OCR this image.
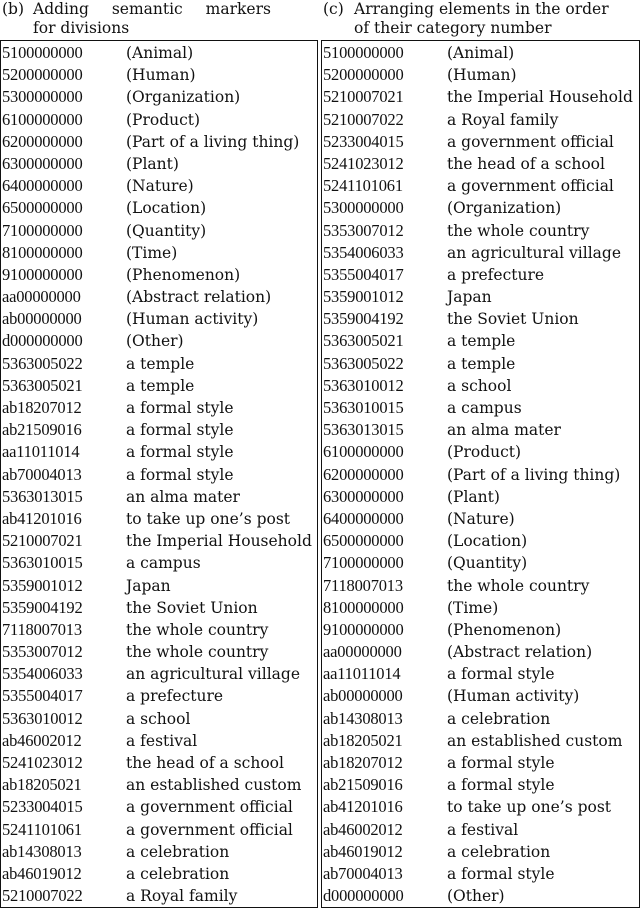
(b) Adding semantic markers
for divisions
5100000000	(Animal)
5200000000	(Human)
5300000000	(Organization)
6100000000	(Product)
6200000000	(Part of a living thing)
6300000000	(Plant)
6400000000	(Nature)
6500000000	(Location)
7100000000	(Quantity)
8100000000	(Time)
9100000000	(Phenomenon)
aa00000000	(Abstract relation)
ab00000000	(Human activity)
d000000000	(Other)
5363005022	a temple
5363005021	a temple
ab18207012	a formal style
ab21509016	a formal style
aa11011014	a formal style
ab70004013	a formal style
5363013015	an alma mater
ab41201016	to take up one’s post
5210007021	the Imperial Household
5363010015	a campus
5359001012	Japan
5359004192	the Soviet Union
7118007013	the whole country
5353007012	the whole country
5354006033	an agricultural village
5355004017	a prefecture
5363010012	a school
ab46002012	a festival
5241023012	the head of a school
ab18205021	an established custom
5233004015	a government official
5241101061	a government official
ab14308013	a celebration
ab46019012	a celebration
5210007022	a Royal family
(c) Arranging elements in the order
of their category number
5100000000	(Animal)
5200000000	(Human)
5210007021	the Imperial Household
5210007022	a Royal family
5233004015	a government official
5241023012	the head of a school
5241101061	a government official
5300000000	(Organization)
5353007012	the whole country
5354006033	an agricultural village
5355004017	a prefecture
5359001012	Japan
5359004192	the Soviet Union
5363005021	a temple
5363005022	a temple
5363010012	a school
5363010015	a campus
5363013015	an alma mater
6100000000	(Product)
6200000000	(Part of a living thing)
6300000000	(Plant)
6400000000	(Nature)
6500000000	(Location)
7100000000	(Quantity)
7118007013	the whole country
8100000000	(Time)
9100000000	(Phenomenon)
aa00000000	(Abstract relation)
aa11011014	a formal style
ab00000000	(Human activity)
ab14308013	a celebration
ab18205021	an established custom
ab18207012	a formal style
ab21509016	a formal style
ab41201016	to take up one’s post
ab46002012	a festival
ab46019012	a celebration
ab70004013	a formal style
d000000000	(Other)
